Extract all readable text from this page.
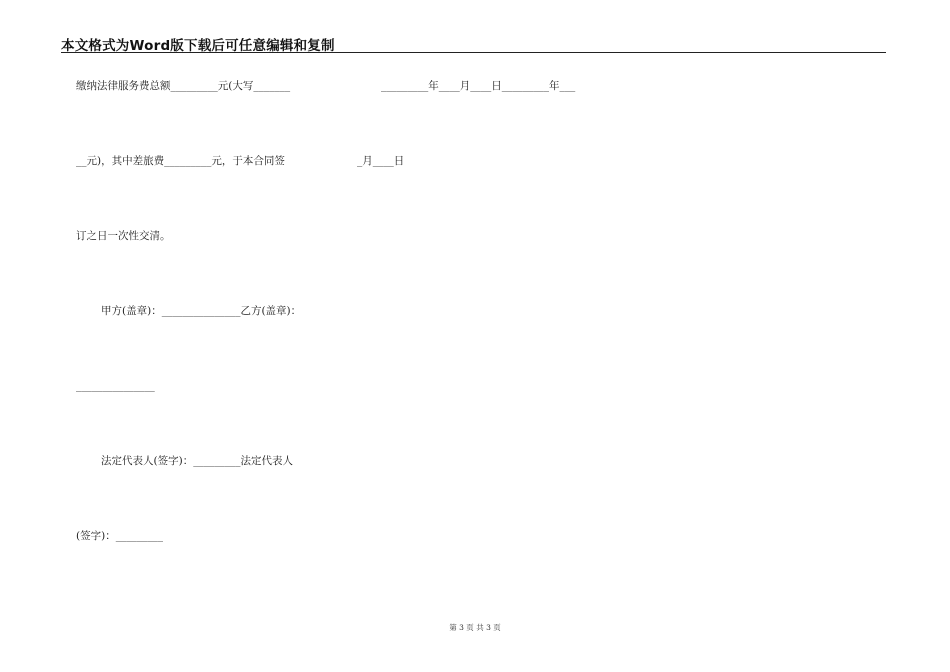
本文格式为Word版下载后可任意编辑和复制
缴纳法律服务费总额_________元(大写_______	_________年____月____日_________年___
__元)，其中差旅费_________元，于本合同签	_月____日
订之日一次性交清。
甲方(盖章)：_______________乙方(盖章)：
_______________
法定代表人(签字)：_________法定代表人
(签字)：_________
第 3 页 共 3 页
